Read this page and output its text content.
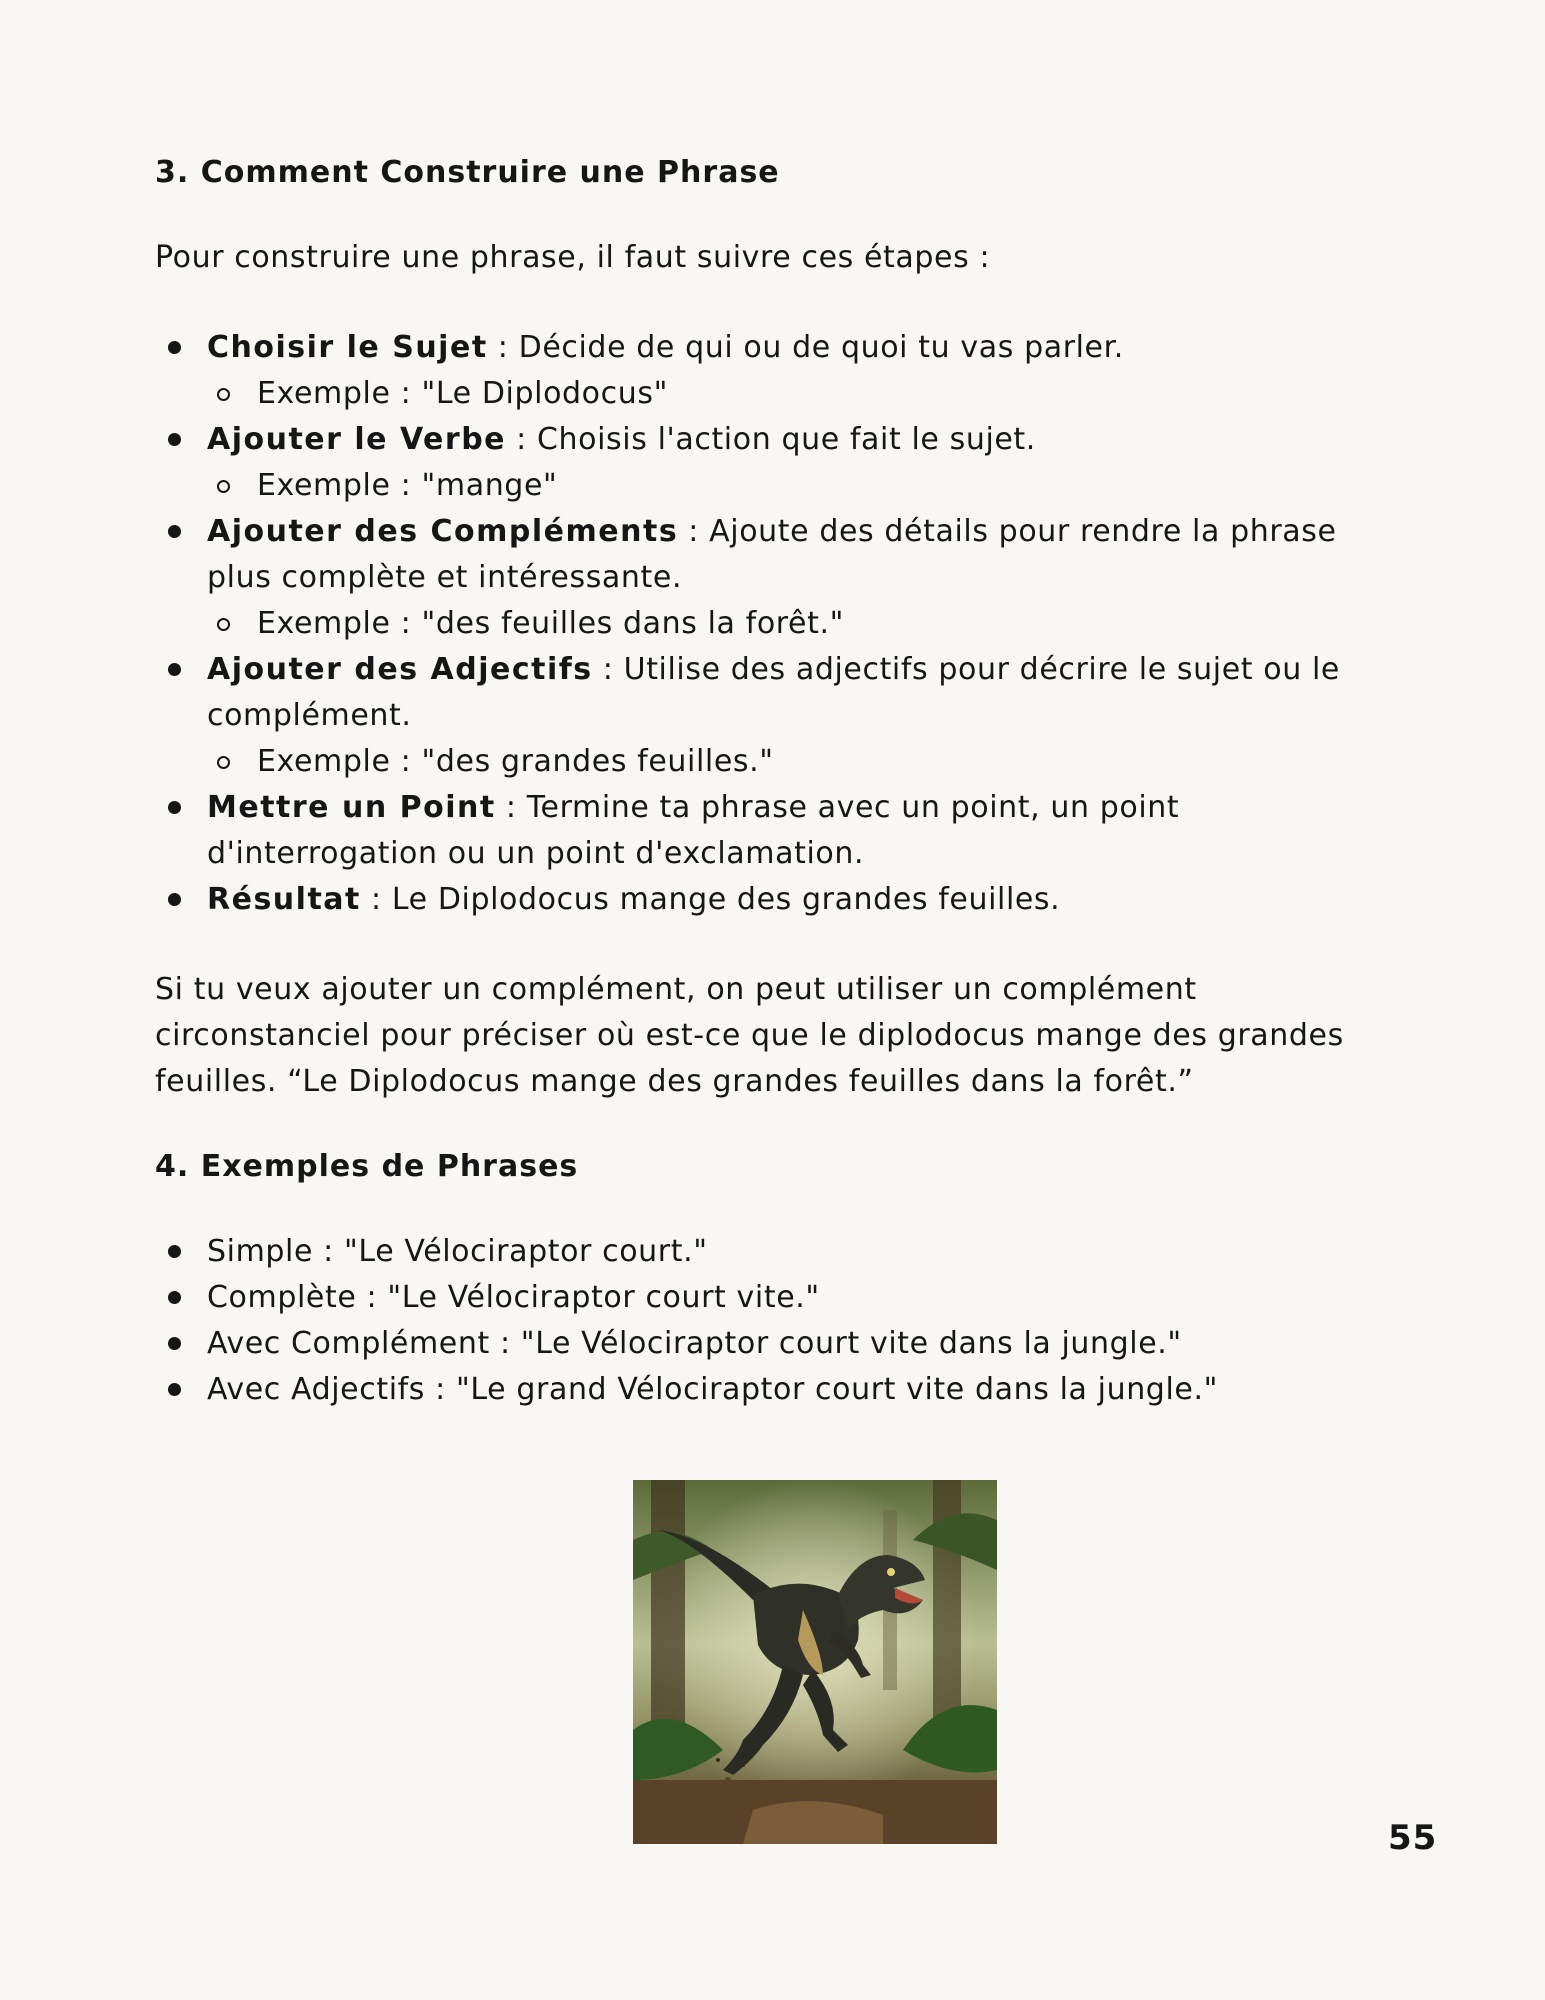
3. Comment Construire une Phrase

Pour construire une phrase, il faut suivre ces étapes :

Choisir le Sujet : Décide de qui ou de quoi tu vas parler.
Exemple : "Le Diplodocus"
Ajouter le Verbe : Choisis l'action que fait le sujet.
Exemple : "mange"
Ajouter des Compléments : Ajoute des détails pour rendre la phrase plus complète et intéressante.
Exemple : "des feuilles dans la forêt."
Ajouter des Adjectifs : Utilise des adjectifs pour décrire le sujet ou le complément.
Exemple : "des grandes feuilles."
Mettre un Point : Termine ta phrase avec un point, un point d'interrogation ou un point d'exclamation.
Résultat : Le Diplodocus mange des grandes feuilles.

Si tu veux ajouter un complément, on peut utiliser un complément circonstanciel pour préciser où est-ce que le diplodocus mange des grandes feuilles. “Le Diplodocus mange des grandes feuilles dans la forêt.”

4. Exemples de Phrases
Simple : "Le Vélociraptor court."
Complète : "Le Vélociraptor court vite."
Avec Complément : "Le Vélociraptor court vite dans la jungle."
Avec Adjectifs : "Le grand Vélociraptor court vite dans la jungle."
55
